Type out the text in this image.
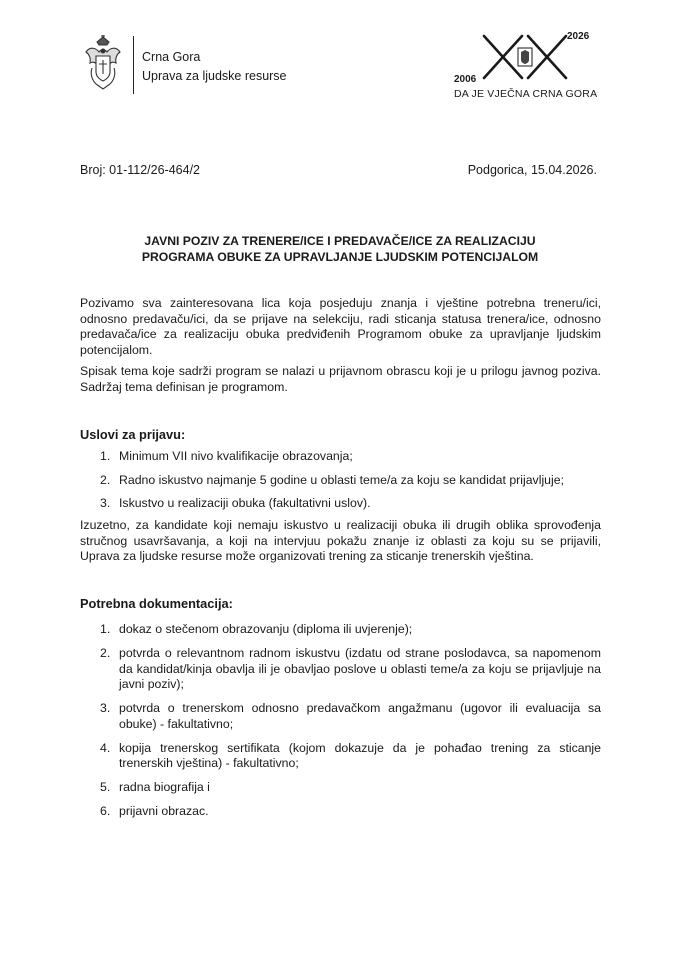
Crna Gora
Uprava za ljudske resurse
2026
2006
DA JE VJEČNA CRNA GORA
Broj: 01-112/26-464/2	Podgorica, 15.04.2026.
JAVNI POZIV ZA TRENERE/ICE I PREDAVAČE/ICE ZA REALIZACIJU
PROGRAMA OBUKE ZA UPRAVLJANJE LJUDSKIM POTENCIJALOM
Pozivamo sva zainteresovana lica koja posjeduju znanja i vještine potrebna treneru/ici, odnosno predavaču/ici, da se prijave na selekciju, radi sticanja statusa trenera/ice, odnosno predavača/ice za realizaciju obuka predviđenih Programom obuke za upravljanje ljudskim potencijalom.
Spisak tema koje sadrži program se nalazi u prijavnom obrascu koji je u prilogu javnog poziva. Sadržaj tema definisan je programom.
Uslovi za prijavu:
1. Minimum VII nivo kvalifikacije obrazovanja;
2. Radno iskustvo najmanje 5 godine u oblasti teme/a za koju se kandidat prijavljuje;
3. Iskustvo u realizaciji obuka (fakultativni uslov).
Izuzetno, za kandidate koji nemaju iskustvo u realizaciji obuka ili drugih oblika sprovođenja stručnog usavršavanja, a koji na intervjuu pokažu znanje iz oblasti za koju su se prijavili, Uprava za ljudske resurse može organizovati trening za sticanje trenerskih vještina.
Potrebna dokumentacija:
1. dokaz o stečenom obrazovanju (diploma ili uvjerenje);
2. potvrda o relevantnom radnom iskustvu (izdatu od strane poslodavca, sa napomenom da kandidat/kinja obavlja ili je obavljao poslove u oblasti teme/a za koju se prijavljuje na javni poziv);
3. potvrda o trenerskom odnosno predavačkom angažmanu (ugovor ili evaluacija sa obuke) - fakultativno;
4. kopija trenerskog sertifikata (kojom dokazuje da je pohađao trening za sticanje trenerskih vještina) - fakultativno;
5. radna biografija i
6. prijavni obrazac.
